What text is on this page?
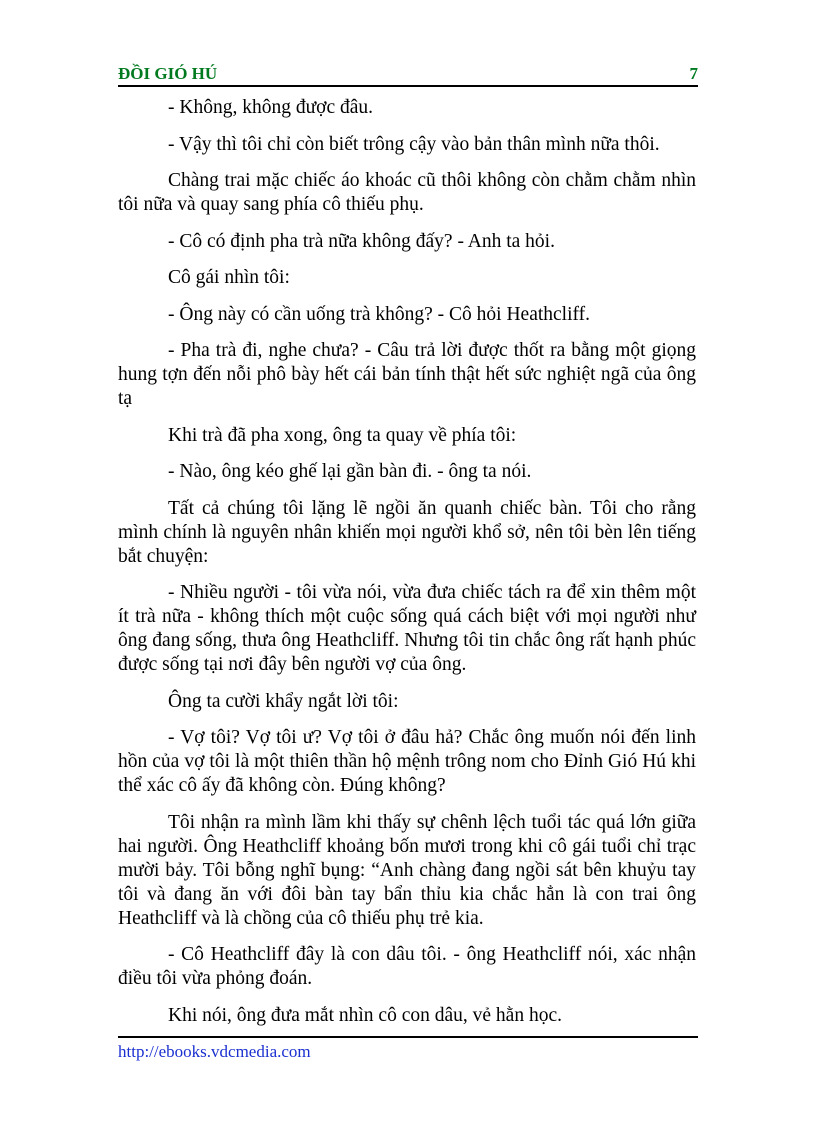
ĐỒI GIÓ HÚ	7

- Không, không được đâu.

- Vậy thì tôi chỉ còn biết trông cậy vào bản thân mình nữa thôi.

Chàng trai mặc chiếc áo khoác cũ thôi không còn chằm chằm nhìn tôi nữa và quay sang phía cô thiếu phụ.

- Cô có định pha trà nữa không đấy? - Anh ta hỏi.

Cô gái nhìn tôi:

- Ông này có cần uống trà không? - Cô hỏi Heathcliff.

- Pha trà đi, nghe chưa? - Câu trả lời được thốt ra bằng một giọng hung tợn đến nỗi phô bày hết cái bản tính thật hết sức nghiệt ngã của ông tạ

Khi trà đã pha xong, ông ta quay về phía tôi:

- Nào, ông kéo ghế lại gần bàn đi. - ông ta nói.

Tất cả chúng tôi lặng lẽ ngồi ăn quanh chiếc bàn. Tôi cho rằng mình chính là nguyên nhân khiến mọi người khổ sở, nên tôi bèn lên tiếng bắt chuyện:

- Nhiều người - tôi vừa nói, vừa đưa chiếc tách ra để xin thêm một ít trà nữa - không thích một cuộc sống quá cách biệt với mọi người như ông đang sống, thưa ông Heathcliff. Nhưng tôi tin chắc ông rất hạnh phúc được sống tại nơi đây bên người vợ của ông.

Ông ta cười khẩy ngắt lời tôi:

- Vợ tôi? Vợ tôi ư? Vợ tôi ở đâu hả? Chắc ông muốn nói đến linh hồn của vợ tôi là một thiên thần hộ mệnh trông nom cho Đỉnh Gió Hú khi thể xác cô ấy đã không còn. Đúng không?

Tôi nhận ra mình lầm khi thấy sự chênh lệch tuổi tác quá lớn giữa hai người. Ông Heathcliff khoảng bốn mươi trong khi cô gái tuổi chỉ trạc mười bảy. Tôi bỗng nghĩ bụng: “Anh chàng đang ngồi sát bên khuỷu tay tôi và đang ăn với đôi bàn tay bẩn thỉu kia chắc hẳn là con trai ông Heathcliff và là chồng của cô thiếu phụ trẻ kia.

- Cô Heathcliff đây là con dâu tôi. - ông Heathcliff nói, xác nhận điều tôi vừa phỏng đoán.

Khi nói, ông đưa mắt nhìn cô con dâu, vẻ hằn học.

http://ebooks.vdcmedia.com
